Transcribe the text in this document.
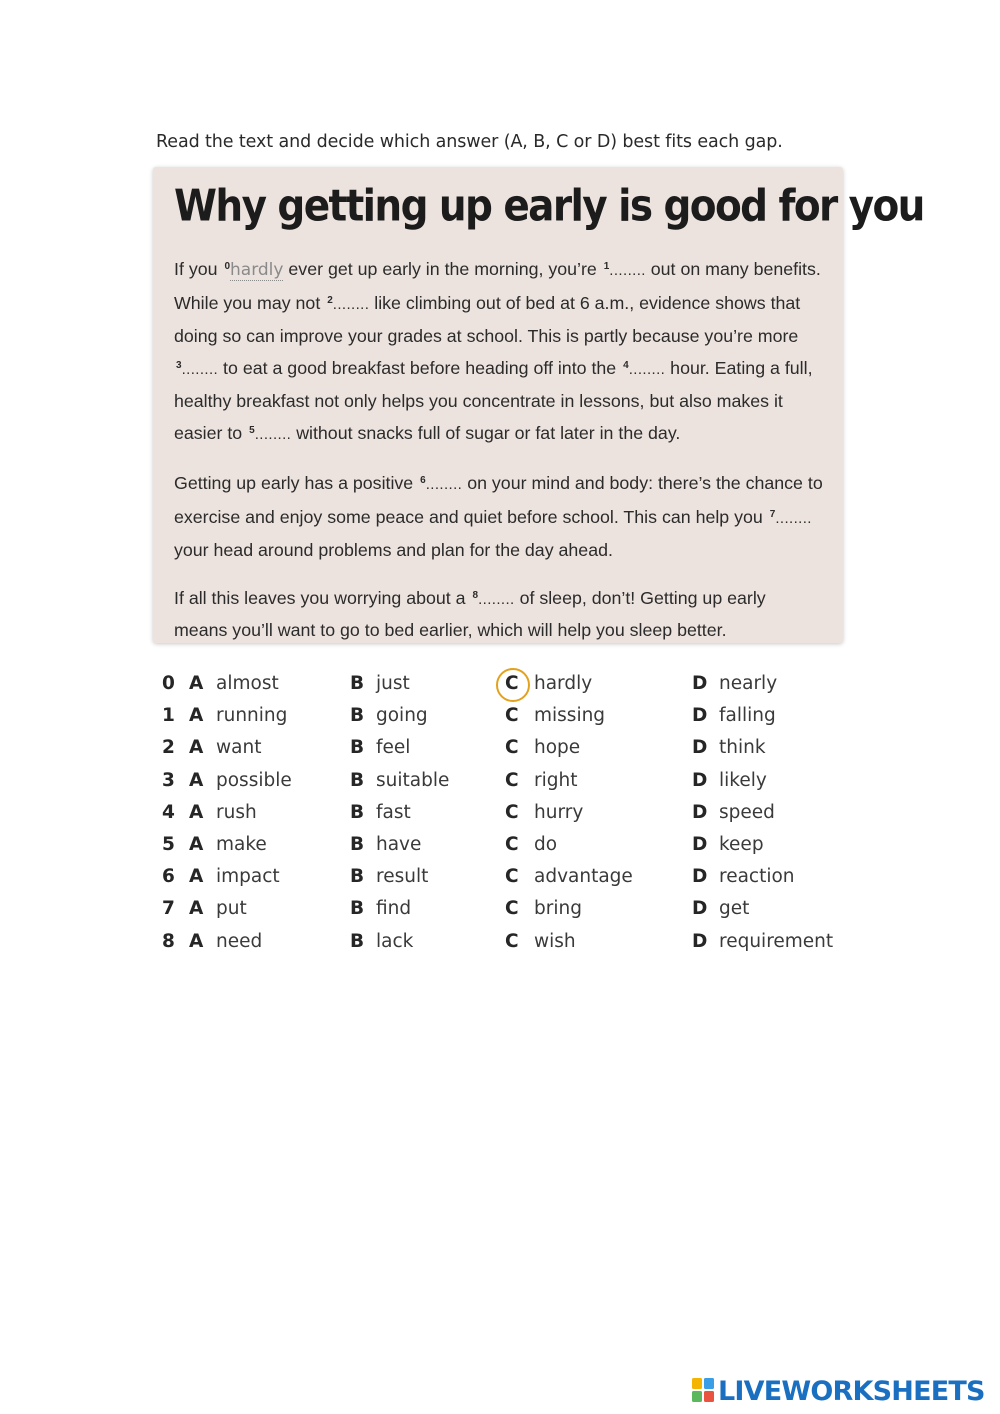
Read the text and decide which answer (A, B, C or D) best fits each gap.
Why getting up early is good for you

If you $^0$hardly ever get up early in the morning, you’re $^1$........ out on many benefits. While you may not $^2$........ like climbing out of bed at 6 a.m., evidence shows that doing so can improve your grades at school. This is partly because you’re more $^3$........ to eat a good breakfast before heading off into the $^4$........ hour. Eating a full, healthy breakfast not only helps you concentrate in lessons, but also makes it easier to $^5$........ without snacks full of sugar or fat later in the day.

Getting up early has a positive $^6$........ on your mind and body: there’s the chance to exercise and enjoy some peace and quiet before school. This can help you $^7$........ your head around problems and plan for the day ahead.

If all this leaves you worrying about a $^8$........ of sleep, don’t! Getting up early means you’ll want to go to bed earlier, which will help you sleep better.

0 A almost	B just	C hardly	D nearly
1 A running	B going	C missing	D falling
2 A want	B feel	C hope	D think
3 A possible	B suitable	C right	D likely
4 A rush	B fast	C hurry	D speed
5 A make	B have	C do	D keep
6 A impact	B result	C advantage	D reaction
7 A put	B find	C bring	D get
8 A need	B lack	C wish	D requirement
LIVEWORKSHEETS
